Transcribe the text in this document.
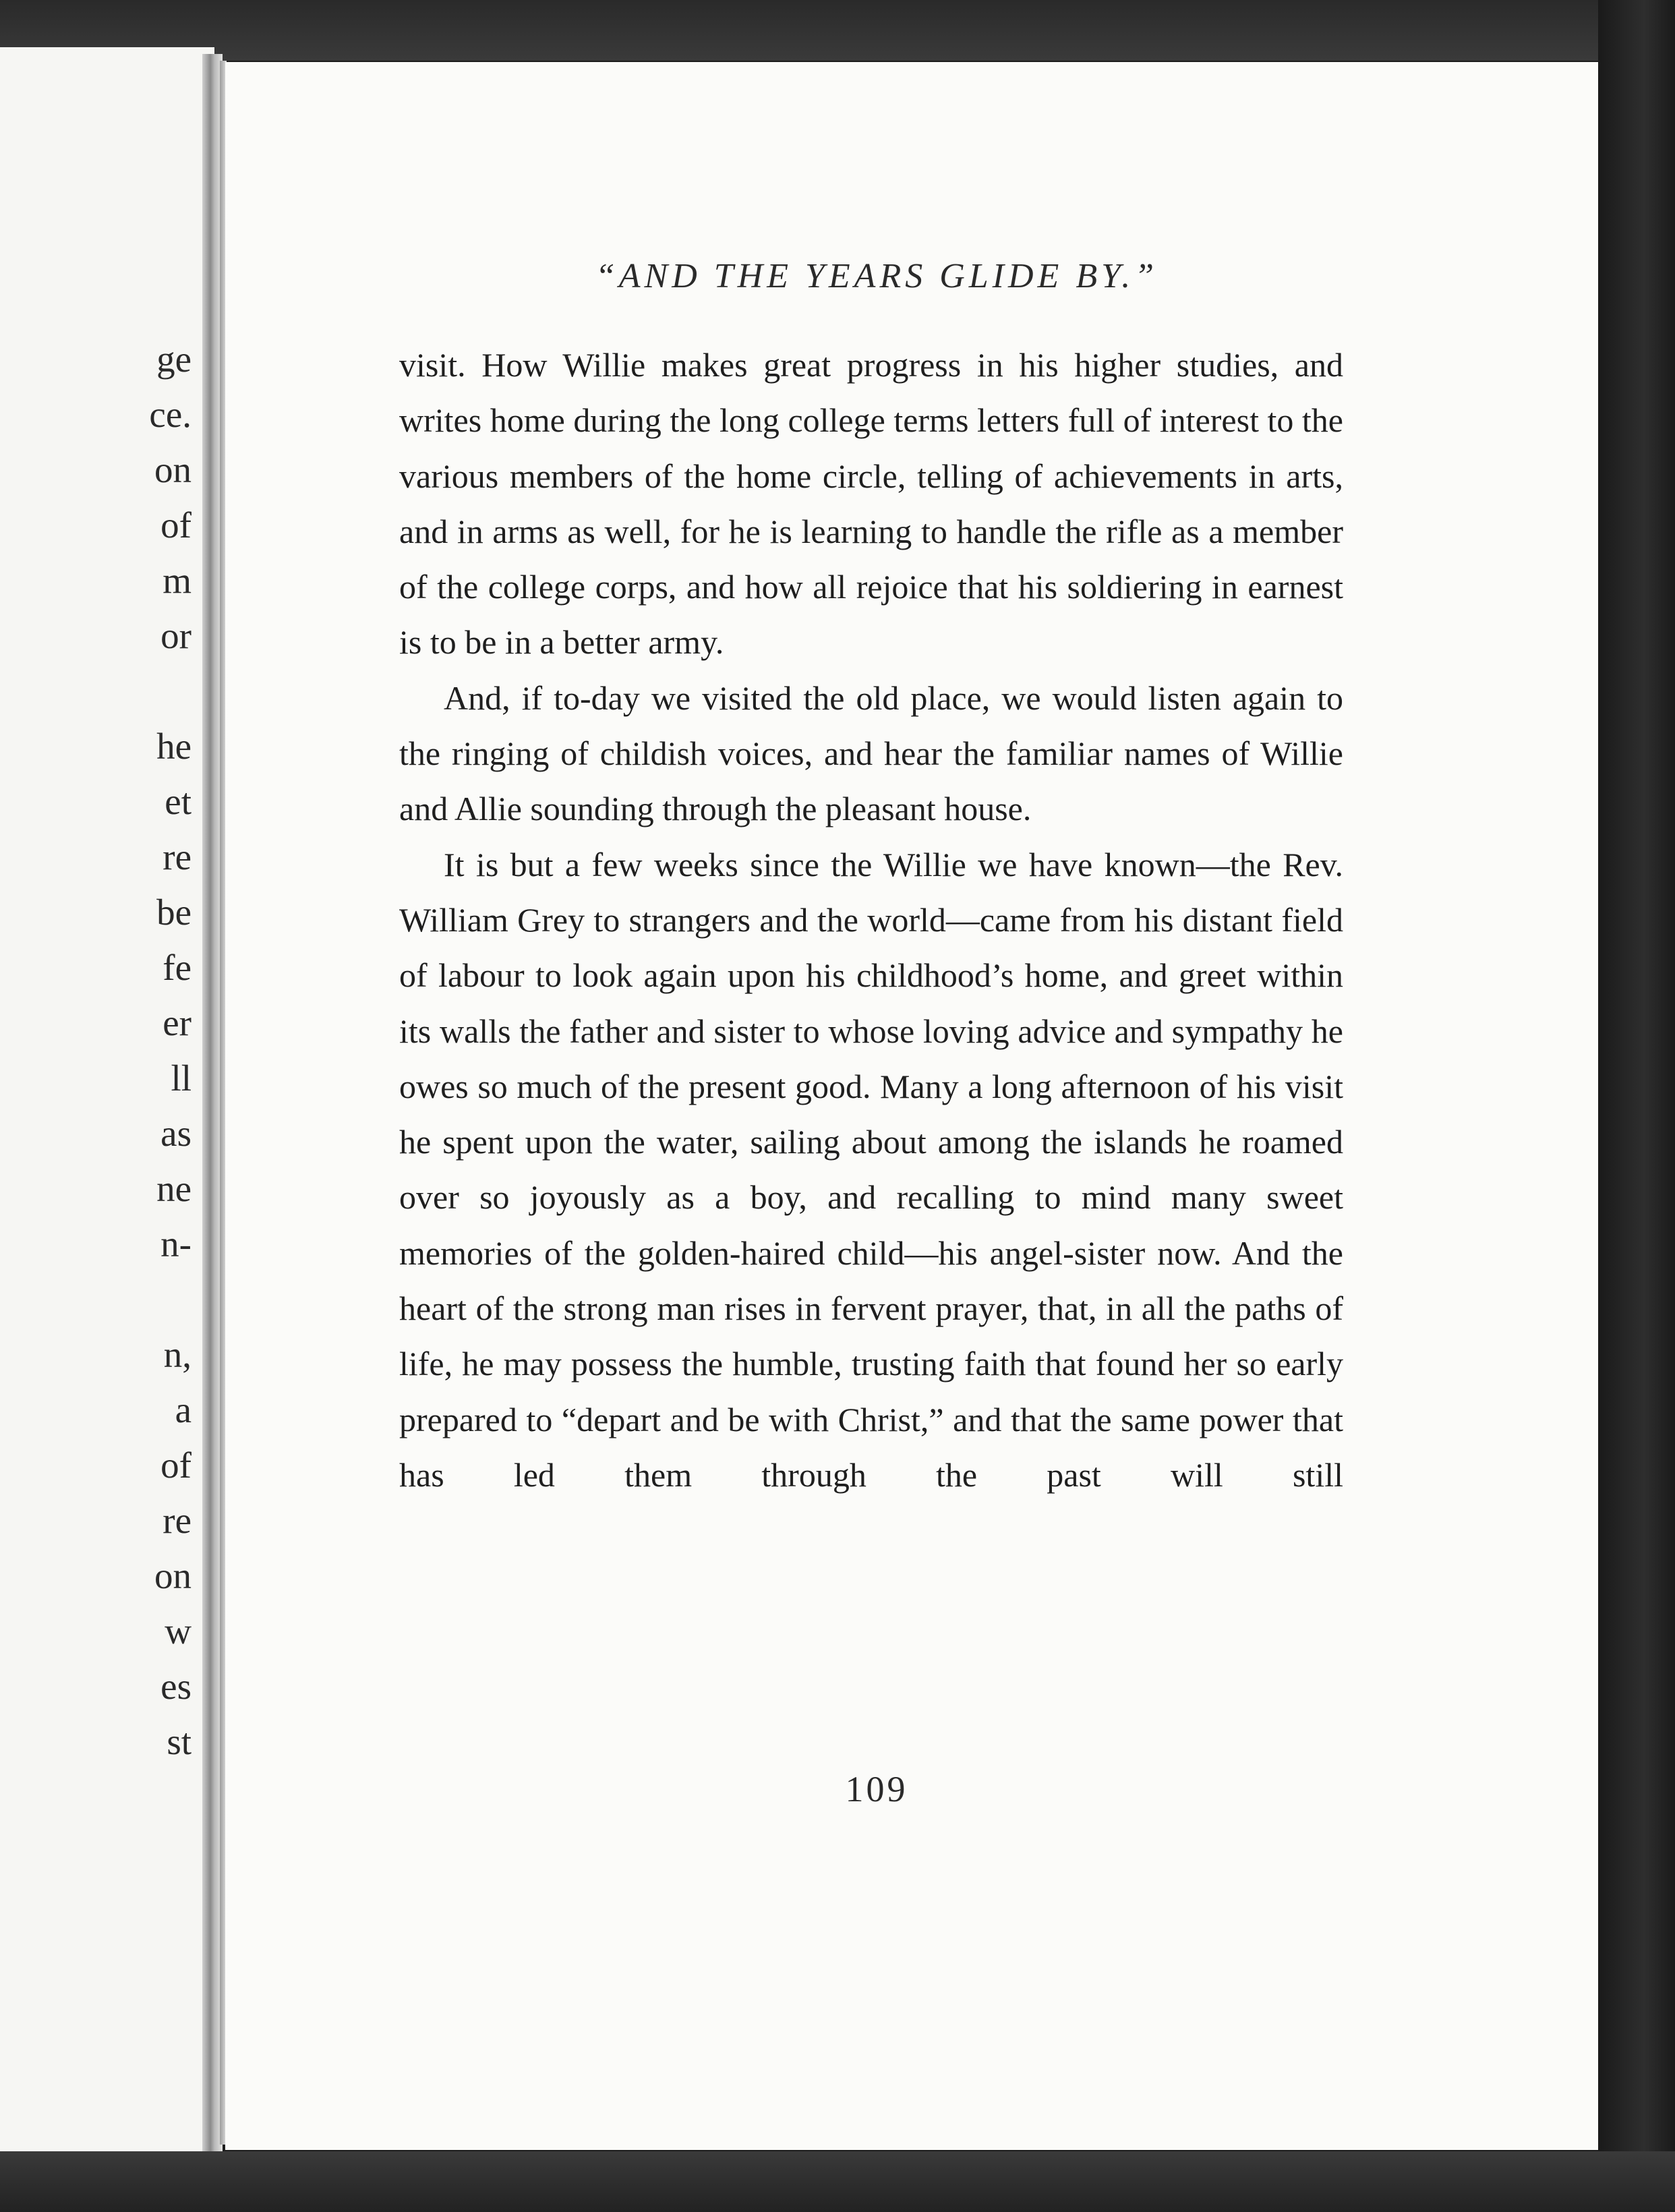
ge
ce.
on
of
m
or
he
et
re
be
fe
er
ll
as
ne
n-
n,
a
of
re
on
w
es
st
“AND THE YEARS GLIDE BY.”

visit. How Willie makes great progress in his higher studies, and writes home during the long college terms letters full of interest to the various members of the home circle, telling of achievements in arts, and in arms as well, for he is learning to handle the rifle as a member of the college corps, and how all rejoice that his soldiering in earnest is to be in a better army.

And, if to-day we visited the old place, we would listen again to the ringing of childish voices, and hear the familiar names of Willie and Allie sounding through the pleasant house.

It is but a few weeks since the Willie we have known—the Rev. William Grey to strangers and the world—came from his distant field of labour to look again upon his childhood’s home, and greet within its walls the father and sister to whose loving advice and sympathy he owes so much of the present good. Many a long afternoon of his visit he spent upon the water, sailing about among the islands he roamed over so joyously as a boy, and recalling to mind many sweet memories of the golden-haired child—his angel-sister now. And the heart of the strong man rises in fervent prayer, that, in all the paths of life, he may possess the humble, trusting faith that found her so early prepared to “depart and be with Christ,” and that the same power that has led them through the past will still

109
